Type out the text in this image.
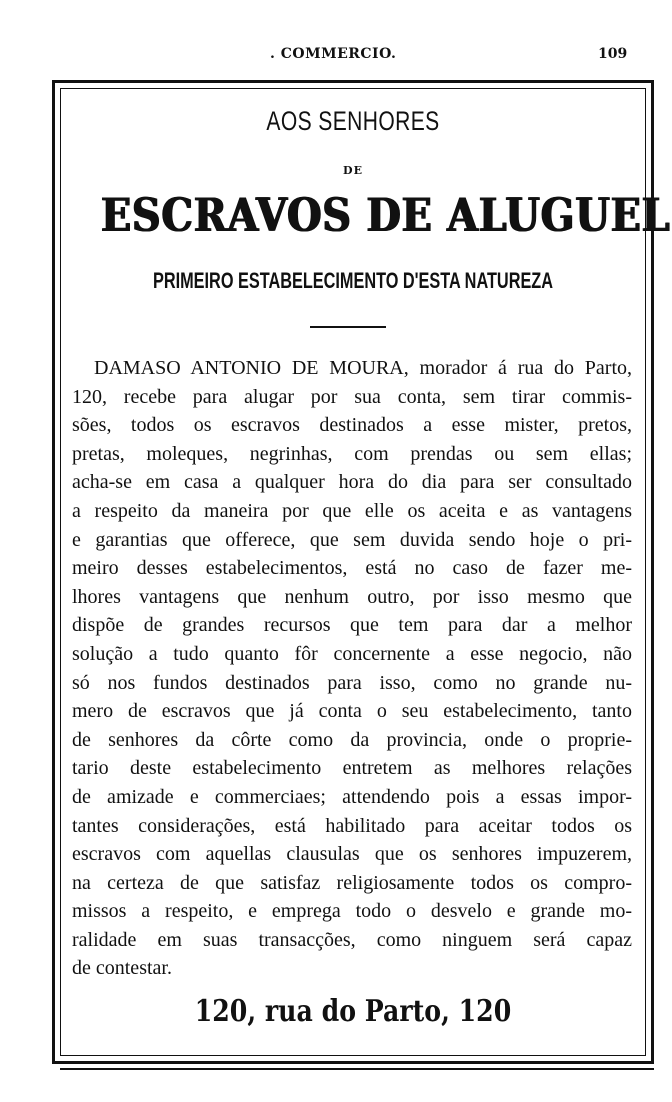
. COMMERCIO.	109
AOS SENHORES
DE
ESCRAVOS DE ALUGUEL
PRIMEIRO ESTABELECIMENTO D'ESTA NATUREZA
DAMASO ANTONIO DE MOURA, morador á rua do Parto,
120, recebe para alugar por sua conta, sem tirar commis-
sões, todos os escravos destinados a esse mister, pretos,
pretas, moleques, negrinhas, com prendas ou sem ellas;
acha-se em casa a qualquer hora do dia para ser consultado
a respeito da maneira por que elle os aceita e as vantagens
e garantias que offerece, que sem duvida sendo hoje o pri-
meiro desses estabelecimentos, está no caso de fazer me-
lhores vantagens que nenhum outro, por isso mesmo que
dispõe de grandes recursos que tem para dar a melhor
solução a tudo quanto fôr concernente a esse negocio, não
só nos fundos destinados para isso, como no grande nu-
mero de escravos que já conta o seu estabelecimento, tanto
de senhores da côrte como da provincia, onde o proprie-
tario deste estabelecimento entretem as melhores relações
de amizade e commerciaes; attendendo pois a essas impor-
tantes considerações, está habilitado para aceitar todos os
escravos com aquellas clausulas que os senhores impuzerem,
na certeza de que satisfaz religiosamente todos os compro-
missos a respeito, e emprega todo o desvelo e grande mo-
ralidade em suas transacções, como ninguem será capaz
de contestar.
120, rua do Parto, 120
